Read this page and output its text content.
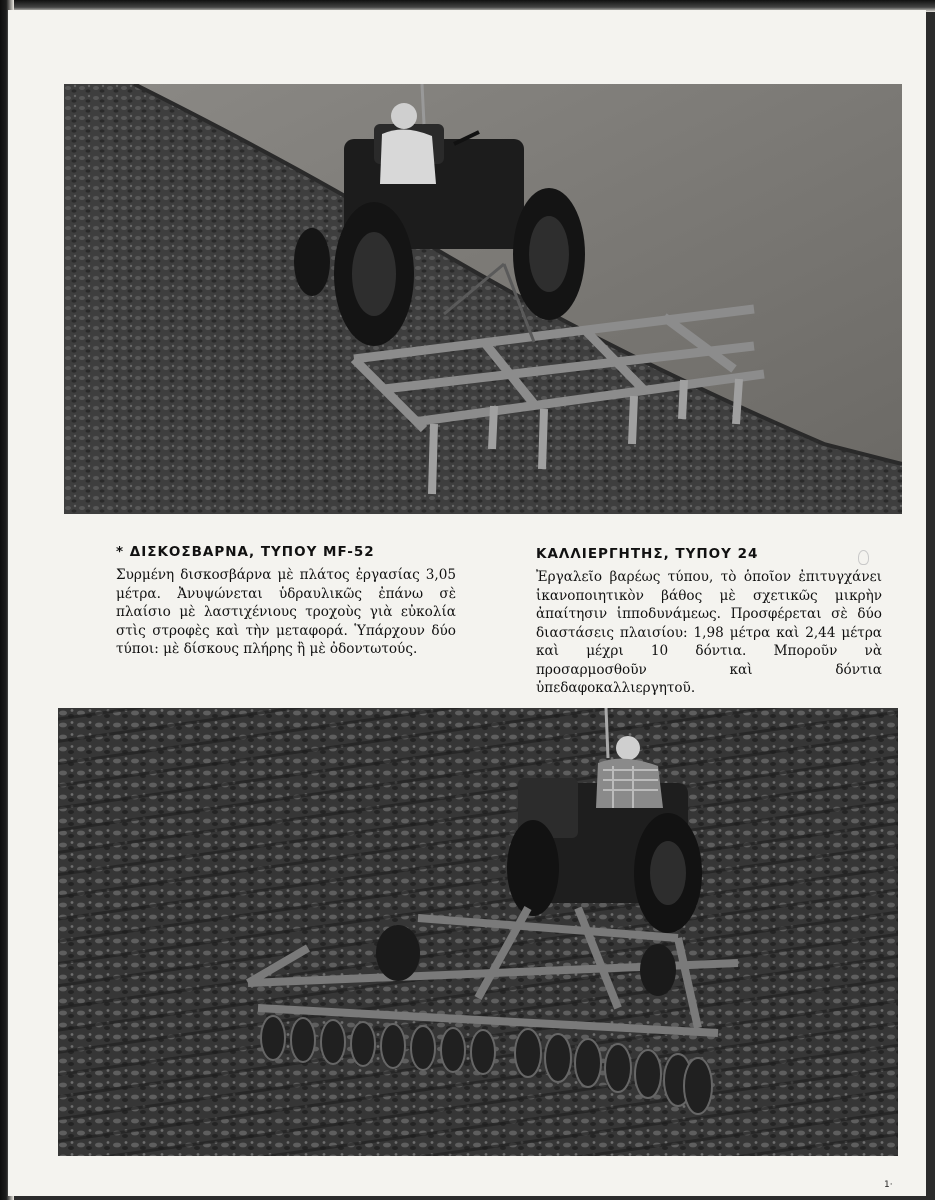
* ΔΙΣΚΟΣΒΑΡΝΑ, ΤΥΠΟΥ MF-52

Συρμένη δισκοσβάρνα μὲ πλάτος ἐργασίας 3,05 μέτρα. Ἀνυψώνεται ὑδραυλικῶς ἐπάνω σὲ πλαίσιο μὲ λαστιχένιους τροχοὺς γιὰ εὐκολία στὶς στροφὲς καὶ τὴν μεταφορά. Ὑπάρχουν δύο τύποι: μὲ δίσκους πλήρης ἢ μὲ ὀδοντωτούς.

ΚΑΛΛΙΕΡΓΗΤΗΣ, ΤΥΠΟΥ 24

Ἐργαλεῖο βαρέως τύπου, τὸ ὁποῖον ἐπιτυγχάνει ἱκανοποιητικὸν βάθος μὲ σχετικῶς μικρὴν ἀπαίτησιν ἱπποδυνάμεως. Προσφέρεται σὲ δύο διαστάσεις πλαισίου: 1,98 μέτρα καὶ 2,44 μέτρα καὶ μέχρι 10 δόντια. Μποροῦν νὰ προσαρμοσθοῦν καὶ δόντια ὑπεδαφοκαλλιεργητοῦ.

1·
